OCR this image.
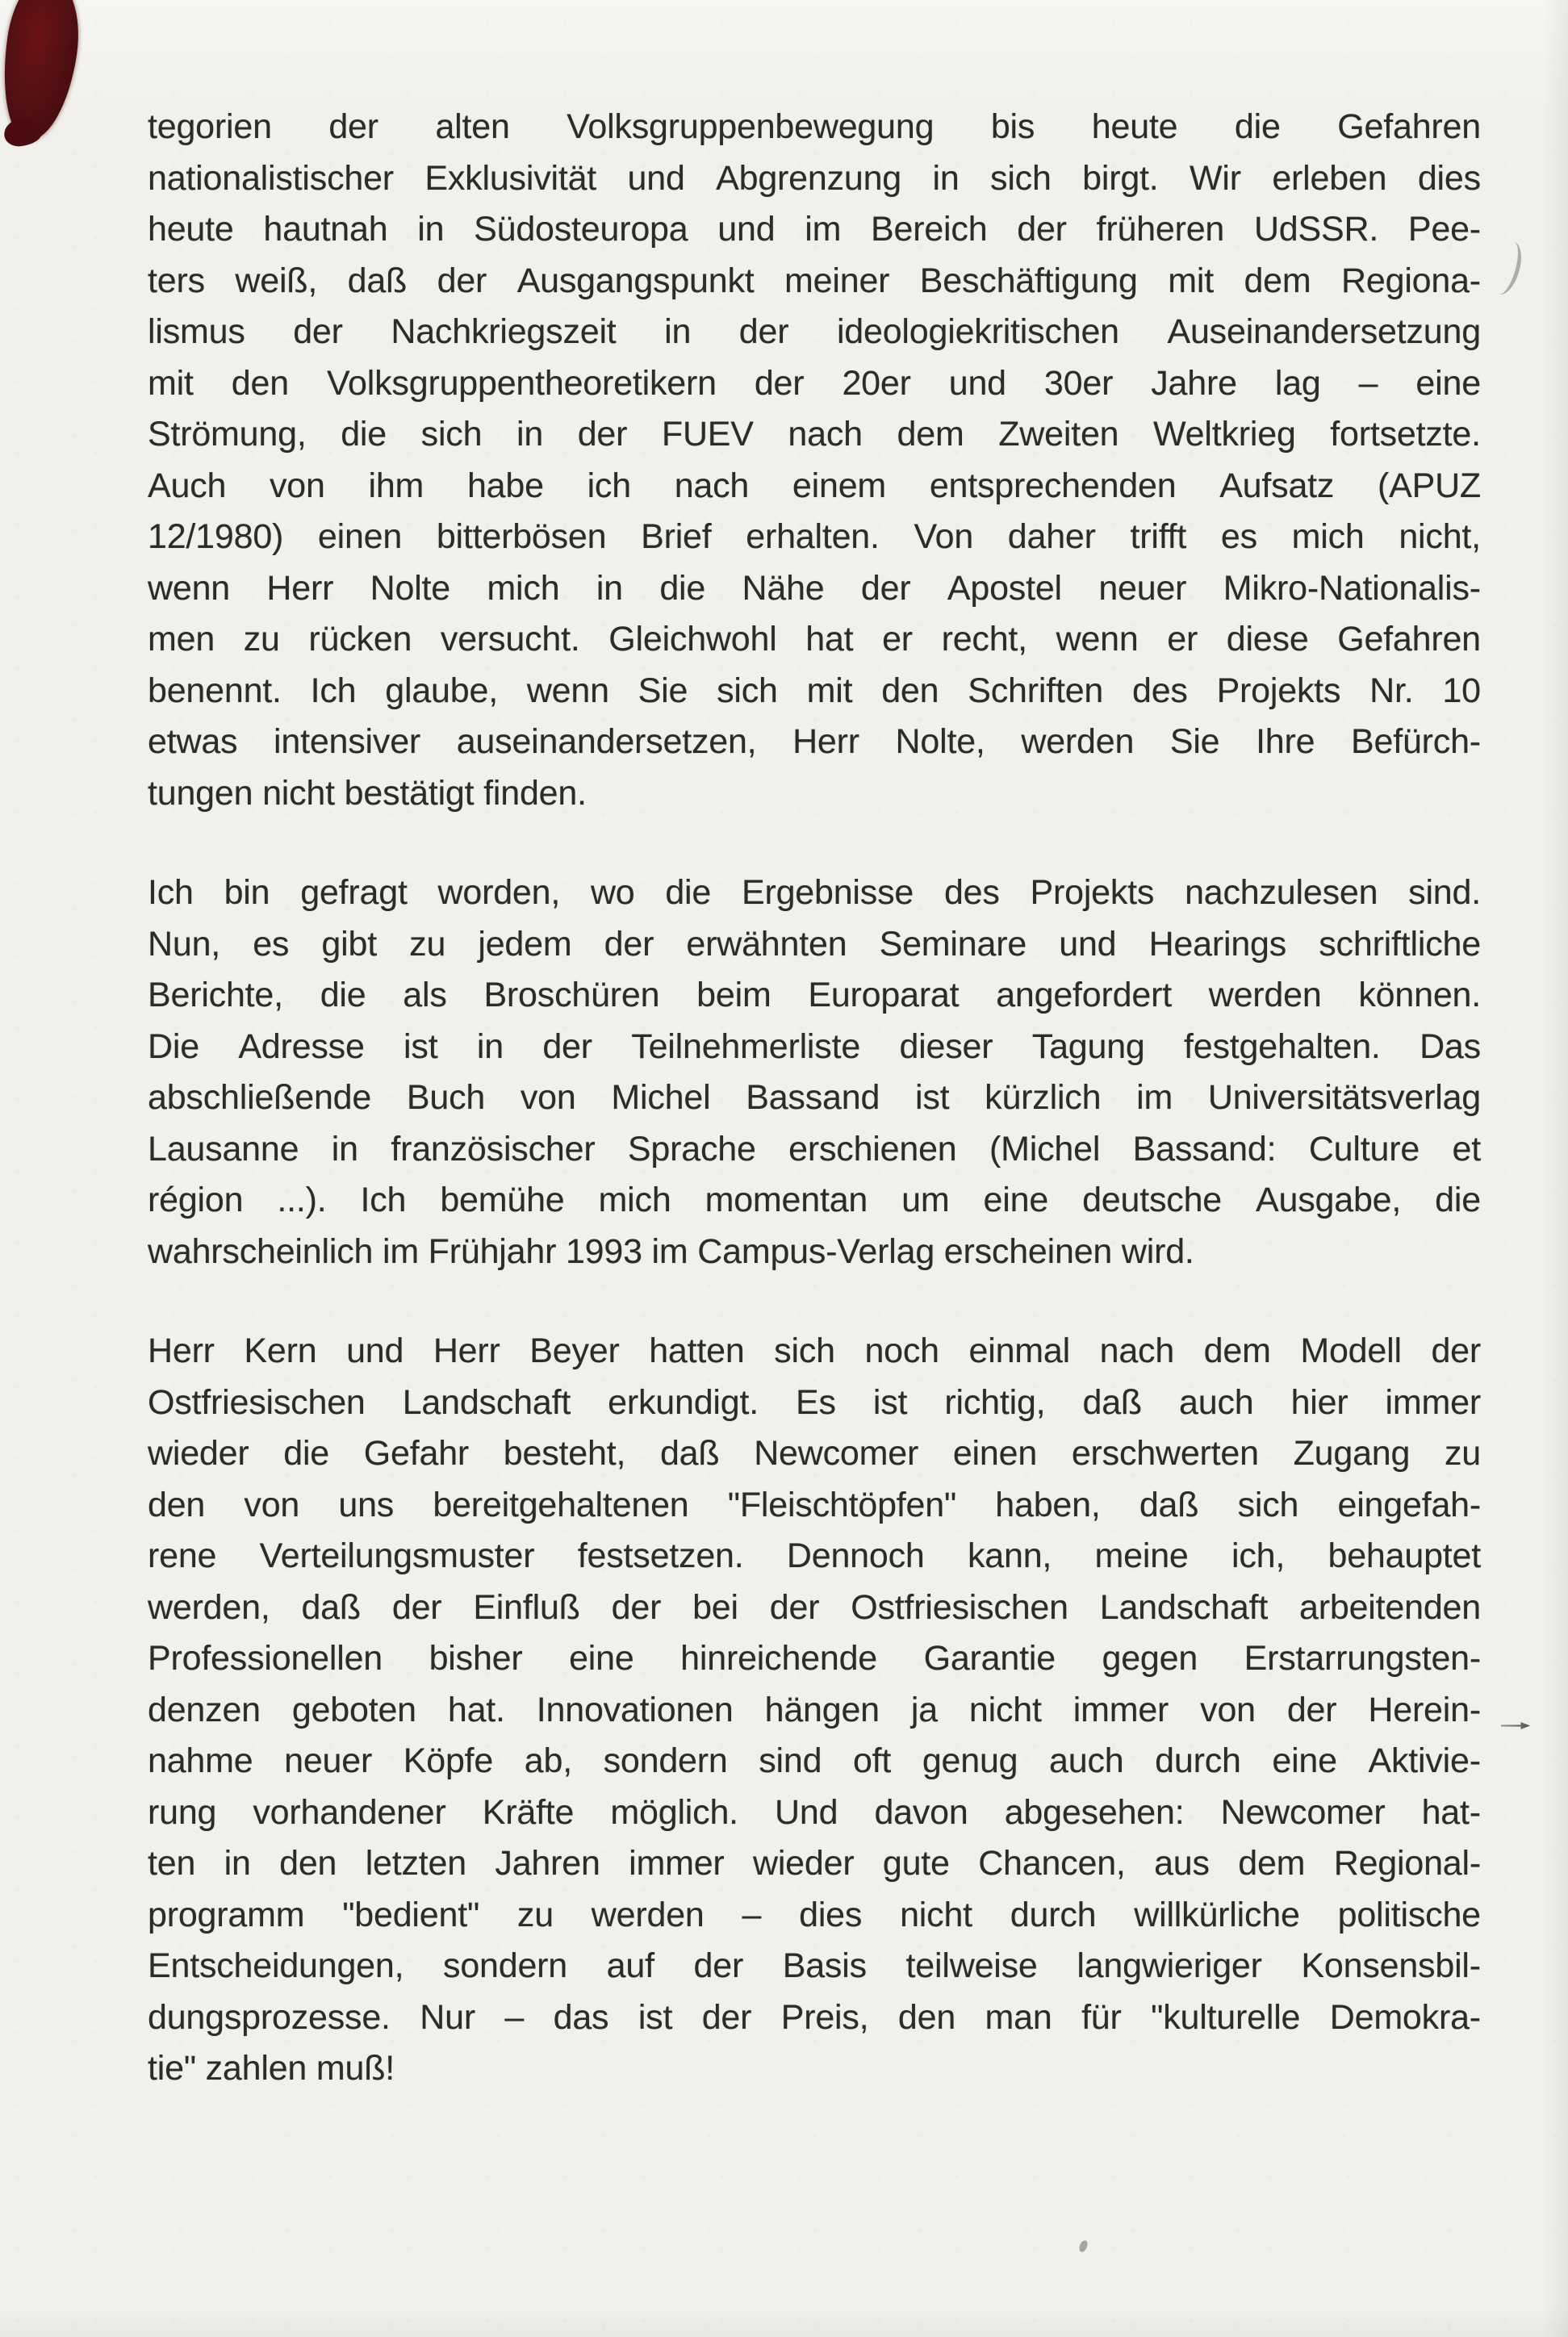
tegorien der alten Volksgruppenbewegung bis heute die Gefahren
nationalistischer Exklusivität und Abgrenzung in sich birgt. Wir erleben dies
heute hautnah in Südosteuropa und im Bereich der früheren UdSSR. Pee-
ters weiß, daß der Ausgangspunkt meiner Beschäftigung mit dem Regiona-
lismus der Nachkriegszeit in der ideologiekritischen Auseinandersetzung
mit den Volksgruppentheoretikern der 20er und 30er Jahre lag – eine
Strömung, die sich in der FUEV nach dem Zweiten Weltkrieg fortsetzte.
Auch von ihm habe ich nach einem entsprechenden Aufsatz (APUZ
12/1980) einen bitterbösen Brief erhalten. Von daher trifft es mich nicht,
wenn Herr Nolte mich in die Nähe der Apostel neuer Mikro-Nationalis-
men zu rücken versucht. Gleichwohl hat er recht, wenn er diese Gefahren
benennt. Ich glaube, wenn Sie sich mit den Schriften des Projekts Nr. 10
etwas intensiver auseinandersetzen, Herr Nolte, werden Sie Ihre Befürch-
tungen nicht bestätigt finden.
Ich bin gefragt worden, wo die Ergebnisse des Projekts nachzulesen sind.
Nun, es gibt zu jedem der erwähnten Seminare und Hearings schriftliche
Berichte, die als Broschüren beim Europarat angefordert werden können.
Die Adresse ist in der Teilnehmerliste dieser Tagung festgehalten. Das
abschließende Buch von Michel Bassand ist kürzlich im Universitätsverlag
Lausanne in französischer Sprache erschienen (Michel Bassand: Culture et
région ...). Ich bemühe mich momentan um eine deutsche Ausgabe, die
wahrscheinlich im Frühjahr 1993 im Campus-Verlag erscheinen wird.
Herr Kern und Herr Beyer hatten sich noch einmal nach dem Modell der
Ostfriesischen Landschaft erkundigt. Es ist richtig, daß auch hier immer
wieder die Gefahr besteht, daß Newcomer einen erschwerten Zugang zu
den von uns bereitgehaltenen "Fleischtöpfen" haben, daß sich eingefah-
rene Verteilungsmuster festsetzen. Dennoch kann, meine ich, behauptet
werden, daß der Einfluß der bei der Ostfriesischen Landschaft arbeitenden
Professionellen bisher eine hinreichende Garantie gegen Erstarrungsten-
denzen geboten hat. Innovationen hängen ja nicht immer von der Herein-
nahme neuer Köpfe ab, sondern sind oft genug auch durch eine Aktivie-
rung vorhandener Kräfte möglich. Und davon abgesehen: Newcomer hat-
ten in den letzten Jahren immer wieder gute Chancen, aus dem Regional-
programm "bedient" zu werden – dies nicht durch willkürliche politische
Entscheidungen, sondern auf der Basis teilweise langwieriger Konsensbil-
dungsprozesse. Nur – das ist der Preis, den man für "kulturelle Demokra-
tie" zahlen muß!
